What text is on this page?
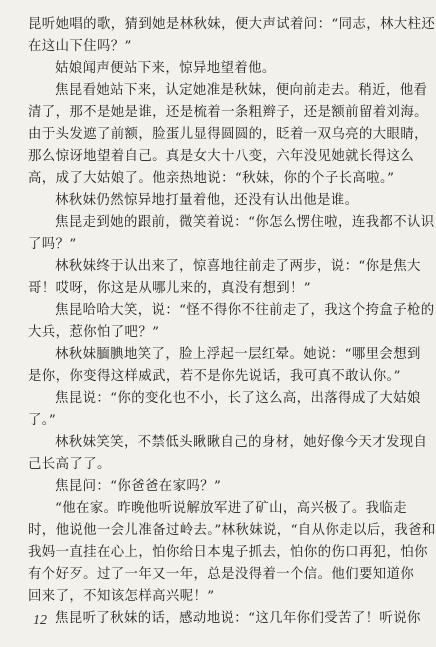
昆听她唱的歌，猜到她是林秋妹，便大声试着问：“同志，林大柱还
在这山下住吗？”
姑娘闻声便站下来，惊异地望着他。
焦昆看她站下来，认定她准是秋妹，便向前走去。稍近，他看
清了，那不是她是谁，还是梳着一条粗辫子，还是额前留着刘海。
由于头发遮了前额，脸蛋儿显得圆圆的，眨着一双乌亮的大眼睛，
那么惊讶地望着自己。真是女大十八变，六年没见她就长得这么
高，成了大姑娘了。他亲热地说：“秋妹，你的个子长高啦。”
林秋妹仍然惊异地打量着他，还没有认出他是谁。
焦昆走到她的跟前，微笑着说：“你怎么愣住啦，连我都不认识
了吗？”
林秋妹终于认出来了，惊喜地往前走了两步，说：“你是焦大
哥！哎呀，你这是从哪儿来的，真没有想到！”
焦昆哈哈大笑，说：“怪不得你不往前走了，我这个挎盒子枪的
大兵，惹你怕了吧？”
林秋妹腼腆地笑了，脸上浮起一层红晕。她说：“哪里会想到
是你，你变得这样威武，若不是你先说话，我可真不敢认你。”
焦昆说：“你的变化也不小，长了这么高，出落得成了大姑娘
了。”
林秋妹笑笑，不禁低头瞅瞅自己的身材，她好像今天才发现自
己长高了了。
焦昆问：“你爸爸在家吗？”
“他在家。昨晚他听说解放军进了矿山，高兴极了。我临走
时，他说他一会儿准备过岭去。”林秋妹说，“自从你走以后，我爸和
我妈一直挂在心上，怕你给日本鬼子抓去，怕你的伤口再犯，怕你
有个好歹。过了一年又一年，总是没得着一个信。他们要知道你
回来了，不知该怎样高兴呢！”
焦昆听了秋妹的话，感动地说：“这几年你们受苦了！听说你
12
